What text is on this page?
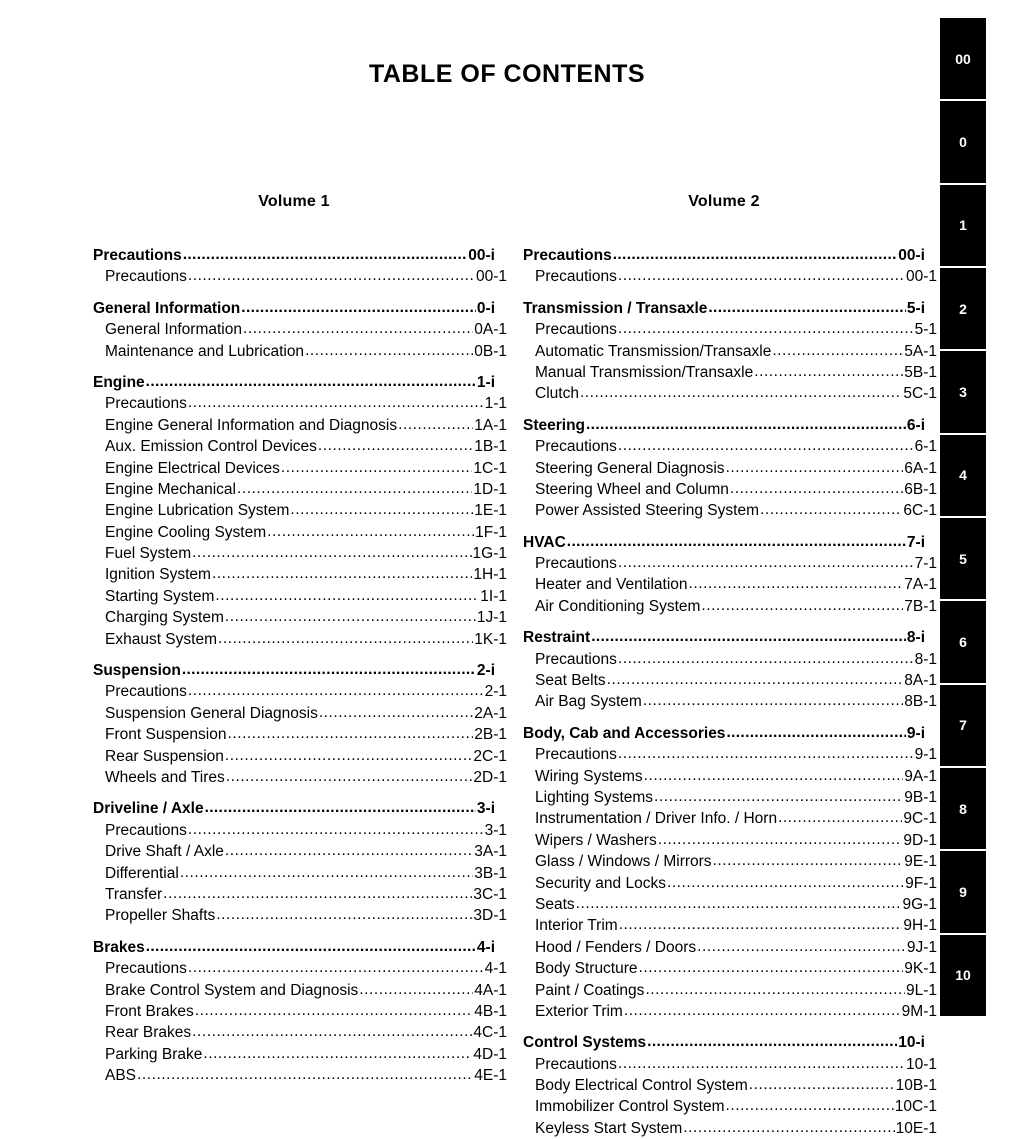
TABLE OF CONTENTS
Volume 1
Precautions .....	00-i
Precautions .....	00-1
General Information .....	0-i
General Information .....	0A-1
Maintenance and Lubrication .....	0B-1
Engine .....	1-i
Precautions .....	1-1
Engine General Information and Diagnosis .....	1A-1
Aux. Emission Control Devices .....	1B-1
Engine Electrical Devices .....	1C-1
Engine Mechanical .....	1D-1
Engine Lubrication System .....	1E-1
Engine Cooling System .....	1F-1
Fuel System .....	1G-1
Ignition System .....	1H-1
Starting System .....	1I-1
Charging System .....	1J-1
Exhaust System .....	1K-1
Suspension .....	2-i
Precautions .....	2-1
Suspension General Diagnosis .....	2A-1
Front Suspension .....	2B-1
Rear Suspension .....	2C-1
Wheels and Tires .....	2D-1
Driveline / Axle .....	3-i
Precautions .....	3-1
Drive Shaft / Axle .....	3A-1
Differential .....	3B-1
Transfer .....	3C-1
Propeller Shafts .....	3D-1
Brakes .....	4-i
Precautions .....	4-1
Brake Control System and Diagnosis .....	4A-1
Front Brakes .....	4B-1
Rear Brakes .....	4C-1
Parking Brake .....	4D-1
ABS .....	4E-1
Volume 2
Precautions .....	00-i
Precautions .....	00-1
Transmission / Transaxle .....	5-i
Precautions .....	5-1
Automatic Transmission/Transaxle .....	5A-1
Manual Transmission/Transaxle .....	5B-1
Clutch .....	5C-1
Steering .....	6-i
Precautions .....	6-1
Steering General Diagnosis .....	6A-1
Steering Wheel and Column .....	6B-1
Power Assisted Steering System .....	6C-1
HVAC .....	7-i
Precautions .....	7-1
Heater and Ventilation .....	7A-1
Air Conditioning System .....	7B-1
Restraint .....	8-i
Precautions .....	8-1
Seat Belts .....	8A-1
Air Bag System .....	8B-1
Body, Cab and Accessories .....	9-i
Precautions .....	9-1
Wiring Systems .....	9A-1
Lighting Systems .....	9B-1
Instrumentation / Driver Info. / Horn .....	9C-1
Wipers / Washers .....	9D-1
Glass / Windows / Mirrors .....	9E-1
Security and Locks .....	9F-1
Seats .....	9G-1
Interior Trim .....	9H-1
Hood / Fenders / Doors .....	9J-1
Body Structure .....	9K-1
Paint / Coatings .....	9L-1
Exterior Trim .....	9M-1
Control Systems .....	10-i
Precautions .....	10-1
Body Electrical Control System .....	10B-1
Immobilizer Control System .....	10C-1
Keyless Start System .....	10E-1
00
0
1
2
3
4
5
6
7
8
9
10
